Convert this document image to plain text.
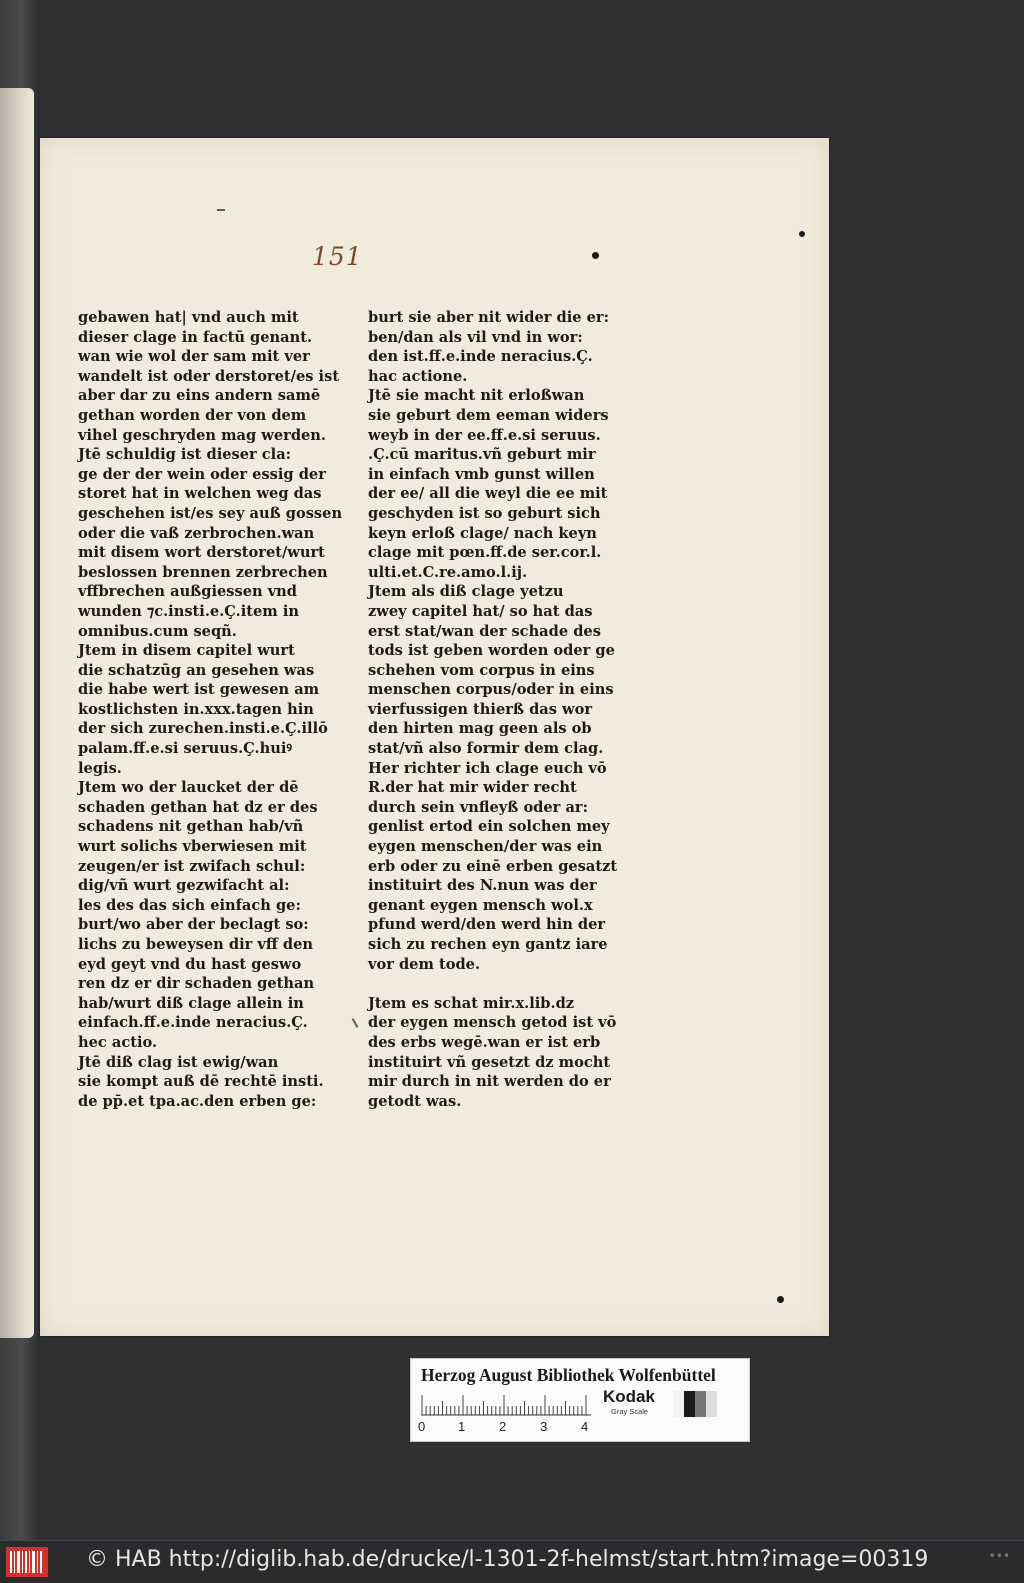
151
gebawen hat| vnd auch mit
dieser clage in factū genant.
wan wie wol der sam mit ver
wandelt ist oder derstoret/es ist
aber dar zu eins andern samē
gethan worden der von dem
vihel geschryden mag werden.
Jtē schuldig ist dieser cla:
ge der der wein oder essig der
storet hat in welchen weg das
geschehen ist/es sey auß gossen
oder die vaß zerbrochen.wan
mit disem wort derstoret/wurt
beslossen brennen zerbrechen
vffbrechen außgiessen vnd
wunden ⁊c.insti.e.Ç.item in
omnibus.cum seqñ.
Jtem in disem capitel wurt
die schatzūg an gesehen was
die habe wert ist gewesen am
kostlichsten in.xxx.tagen hin
der sich zurechen.insti.e.Ç.illō
palam.ff.e.si seruus.Ç.huiꝰ
legis.
Jtem wo der laucket der dē
schaden gethan hat dz er des
schadens nit gethan hab/vñ
wurt solichs vberwiesen mit
zeugen/er ist zwifach schul:
dig/vñ wurt gezwifacht al:
les des das sich einfach ge:
burt/wo aber der beclagt so:
lichs zu beweysen dir vff den
eyd geyt vnd du hast geswo
ren dz er dir schaden gethan
hab/wurt diß clage allein in
einfach.ff.e.inde neracius.Ç.
hec actio.
Jtē diß clag ist ewig/wan
sie kompt auß dē rechtē insti.
de pp̄.et tpa.ac.den erben ge:
burt sie aber nit wider die er:
ben/dan als vil vnd in wor:
den ist.ff.e.inde neracius.Ç.
hac actione.
Jtē sie macht nit erloßwan
sie geburt dem eeman widers
weyb in der ee.ff.e.si seruus.
.Ç.cū maritus.vñ geburt mir
in einfach vmb gunst willen
der ee/ all die weyl die ee mit
geschyden ist so geburt sich
keyn erloß clage/ nach keyn
clage mit pœn.ff.de ser.cor.l.
ulti.et.C.re.amo.l.ij.
Jtem als diß clage yetzu
zwey capitel hat/ so hat das
erst stat/wan der schade des
tods ist geben worden oder ge
schehen vom corpus in eins
menschen corpus/oder in eins
vierfussigen thierß das wor
den hirten mag geen als ob
stat/vñ also formir dem clag.
Her richter ich clage euch vō
R.der hat mir wider recht
durch sein vnfleyß oder ar:
genlist ertod ein solchen mey
eygen menschen/der was ein
erb oder zu einē erben gesatzt
instituirt des N.nun was der
genant eygen mensch wol.x
pfund werd/den werd hin der
sich zu rechen eyn gantz iare
vor dem tode.

Jtem es schat mir.x.lib.dz
der eygen mensch getod ist vō
des erbs wegē.wan er ist erb
instituirt vñ gesetzt dz mocht
mir durch in nit werden do er
getodt was.
Herzog August Bibliothek Wolfenbüttel
0	1	2	3	4
Kodak
Gray Scale
© HAB http://diglib.hab.de/drucke/l-1301-2f-helmst/start.htm?image=00319	•••
